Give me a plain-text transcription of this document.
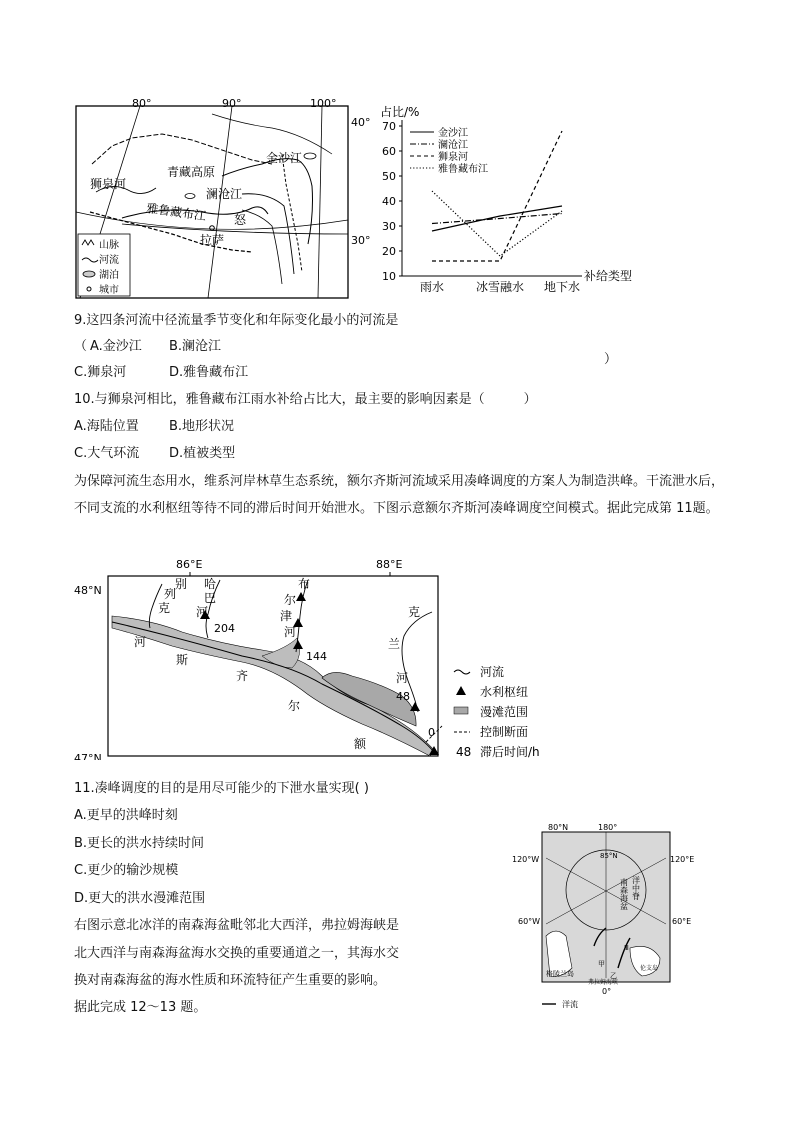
80°	90°	100°
40°
30°
青藏高原
金沙江
狮泉河
澜沧江
雅鲁藏布江 怒
拉萨
山脉
河流
湖泊
城市
占比/%
10
20
30
40
50
60
70
雨水	冰雪融水 地下水
金沙江
澜沧江
狮泉河
雅鲁藏布江
补给类型
9.这四条河流中径流量季节变化和年际变化最小的河流是
（ A.金沙江 B.澜沧江
）
C.狮泉河	D.雅鲁藏布江
10.与狮泉河相比，雅鲁藏布江雨水补给占比大，最主要的影响因素是（　　　）
A.海陆位置 B.地形状况
C.大气环流 D.植被类型
为保障河流生态用水，维系河岸林草生态系统，额尔齐斯河流域采用凑峰调度的方案人为制造洪峰。干流泄水后，不同支流的水利枢纽等待不同的滞后时间开始泄水。下图示意额尔齐斯河凑峰调度空间模式。据此完成第 11题。
86°E	88°E
48°N
47°N
列
别
克
河
哈
巴
河
布
尔
津
河
克
兰
河
斯
齐
尔
额
204
144
48
0
河流
水利枢纽
漫滩范围
控制断面
48 滞后时间/h
11.凑峰调度的目的是用尽可能少的下泄水量实现( )
A.更早的洪峰时刻
B.更长的洪水持续时间
C.更少的输沙规模
D.更大的洪水漫滩范围
右图示意北冰洋的南森海盆毗邻北大西洋，弗拉姆海峡是
北大西洋与南森海盆海水交换的重要通道之一，其海水交
换对南森海盆的海水性质和环流特征产生重要的影响。
据此完成 12～13 题。
80°N	180°
120°W	120°E
60°W	60°E
85°N
南森海盆 洋中脊
甲
乙
Ⅲ
格陵兰岛
弗拉姆海峡
伦支岛
0°
洋流
